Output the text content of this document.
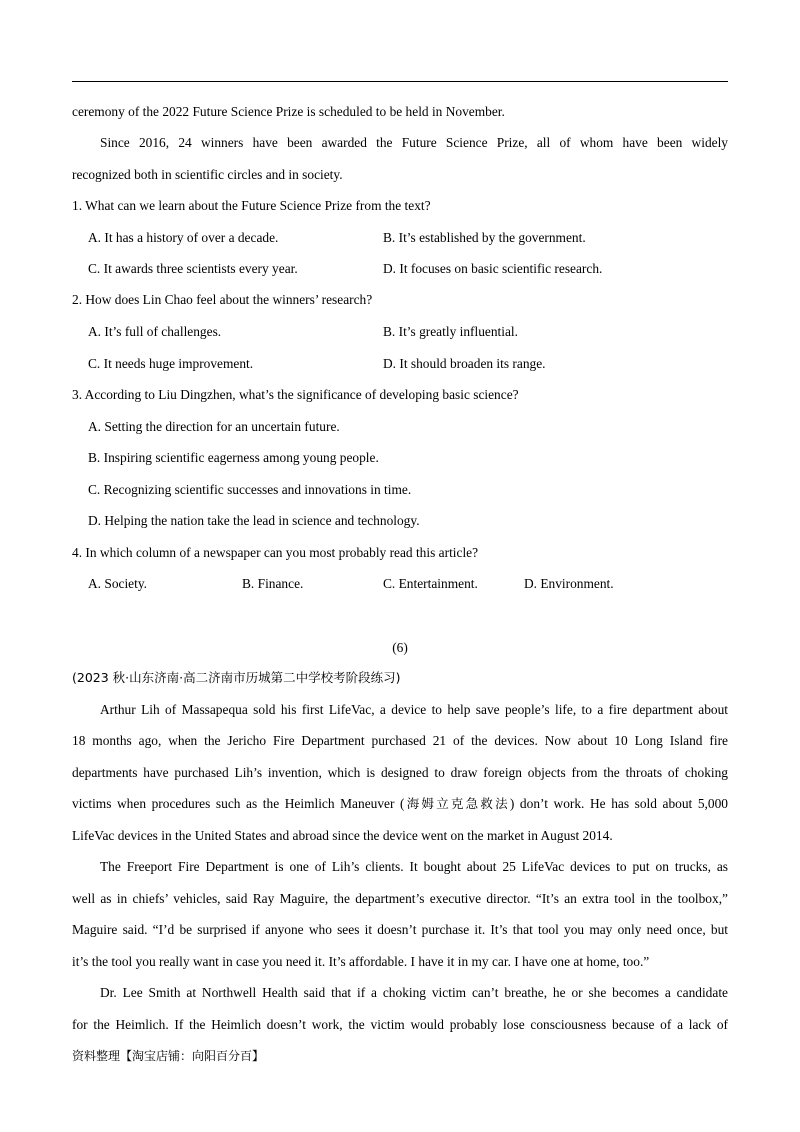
ceremony of the 2022 Future Science Prize is scheduled to be held in November.
Since 2016, 24 winners have been awarded the Future Science Prize, all of whom have been widely
recognized both in scientific circles and in society.
1. What can we learn about the Future Science Prize from the text?
A. It has a history of over a decade.	B. It’s established by the government.
C. It awards three scientists every year.	D. It focuses on basic scientific research.
2. How does Lin Chao feel about the winners’ research?
A. It’s full of challenges.	B. It’s greatly influential.
C. It needs huge improvement.	D. It should broaden its range.
3. According to Liu Dingzhen, what’s the significance of developing basic science?
A. Setting the direction for an uncertain future.
B. Inspiring scientific eagerness among young people.
C. Recognizing scientific successes and innovations in time.
D. Helping the nation take the lead in science and technology.
4. In which column of a newspaper can you most probably read this article?
A. Society.	B. Finance.	C. Entertainment.	D. Environment.
(6)
(2023 秋·山东济南·高二济南市历城第二中学校考阶段练习)
Arthur Lih of Massapequa sold his first LifeVac, a device to help save people’s life, to a fire department about
18 months ago, when the Jericho Fire Department purchased 21 of the devices. Now about 10 Long Island fire
departments have purchased Lih’s invention, which is designed to draw foreign objects from the throats of choking
victims when procedures such as the Heimlich Maneuver (海姆立克急救法) don’t work. He has sold about 5,000
LifeVac devices in the United States and abroad since the device went on the market in August 2014.
The Freeport Fire Department is one of Lih’s clients. It bought about 25 LifeVac devices to put on trucks, as
well as in chiefs’ vehicles, said Ray Maguire, the department’s executive director. “It’s an extra tool in the toolbox,”
Maguire said. “I’d be surprised if anyone who sees it doesn’t purchase it. It’s that tool you may only need once, but
it’s the tool you really want in case you need it. It’s affordable. I have it in my car. I have one at home, too.”
Dr. Lee Smith at Northwell Health said that if a choking victim can’t breathe, he or she becomes a candidate
for the Heimlich. If the Heimlich doesn’t work, the victim would probably lose consciousness because of a lack of
资料整理【淘宝店铺：向阳百分百】
